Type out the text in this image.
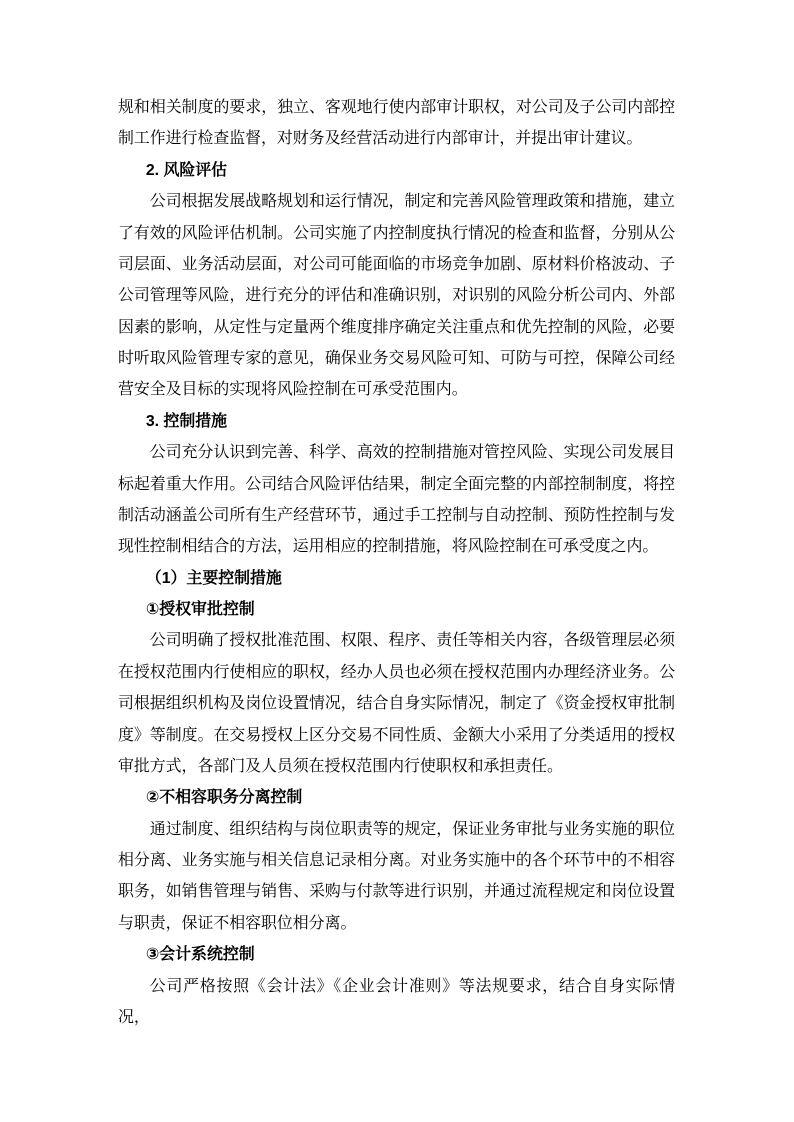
规和相关制度的要求，独立、客观地行使内部审计职权，对公司及子公司内部控制工作进行检查监督，对财务及经营活动进行内部审计，并提出审计建议。

2. 风险评估

公司根据发展战略规划和运行情况，制定和完善风险管理政策和措施，建立了有效的风险评估机制。公司实施了内控制度执行情况的检查和监督，分别从公司层面、业务活动层面，对公司可能面临的市场竞争加剧、原材料价格波动、子公司管理等风险，进行充分的评估和准确识别，对识别的风险分析公司内、外部因素的影响，从定性与定量两个维度排序确定关注重点和优先控制的风险，必要时听取风险管理专家的意见，确保业务交易风险可知、可防与可控，保障公司经营安全及目标的实现将风险控制在可承受范围内。

3. 控制措施

公司充分认识到完善、科学、高效的控制措施对管控风险、实现公司发展目标起着重大作用。公司结合风险评估结果，制定全面完整的内部控制制度，将控制活动涵盖公司所有生产经营环节，通过手工控制与自动控制、预防性控制与发现性控制相结合的方法，运用相应的控制措施，将风险控制在可承受度之内。

（1）主要控制措施

①授权审批控制

公司明确了授权批准范围、权限、程序、责任等相关内容，各级管理层必须在授权范围内行使相应的职权，经办人员也必须在授权范围内办理经济业务。公司根据组织机构及岗位设置情况，结合自身实际情况，制定了《资金授权审批制度》等制度。在交易授权上区分交易不同性质、金额大小采用了分类适用的授权审批方式，各部门及人员须在授权范围内行使职权和承担责任。

②不相容职务分离控制

通过制度、组织结构与岗位职责等的规定，保证业务审批与业务实施的职位相分离、业务实施与相关信息记录相分离。对业务实施中的各个环节中的不相容职务，如销售管理与销售、采购与付款等进行识别，并通过流程规定和岗位设置与职责，保证不相容职位相分离。

③会计系统控制

公司严格按照《会计法》《企业会计准则》等法规要求，结合自身实际情况，
